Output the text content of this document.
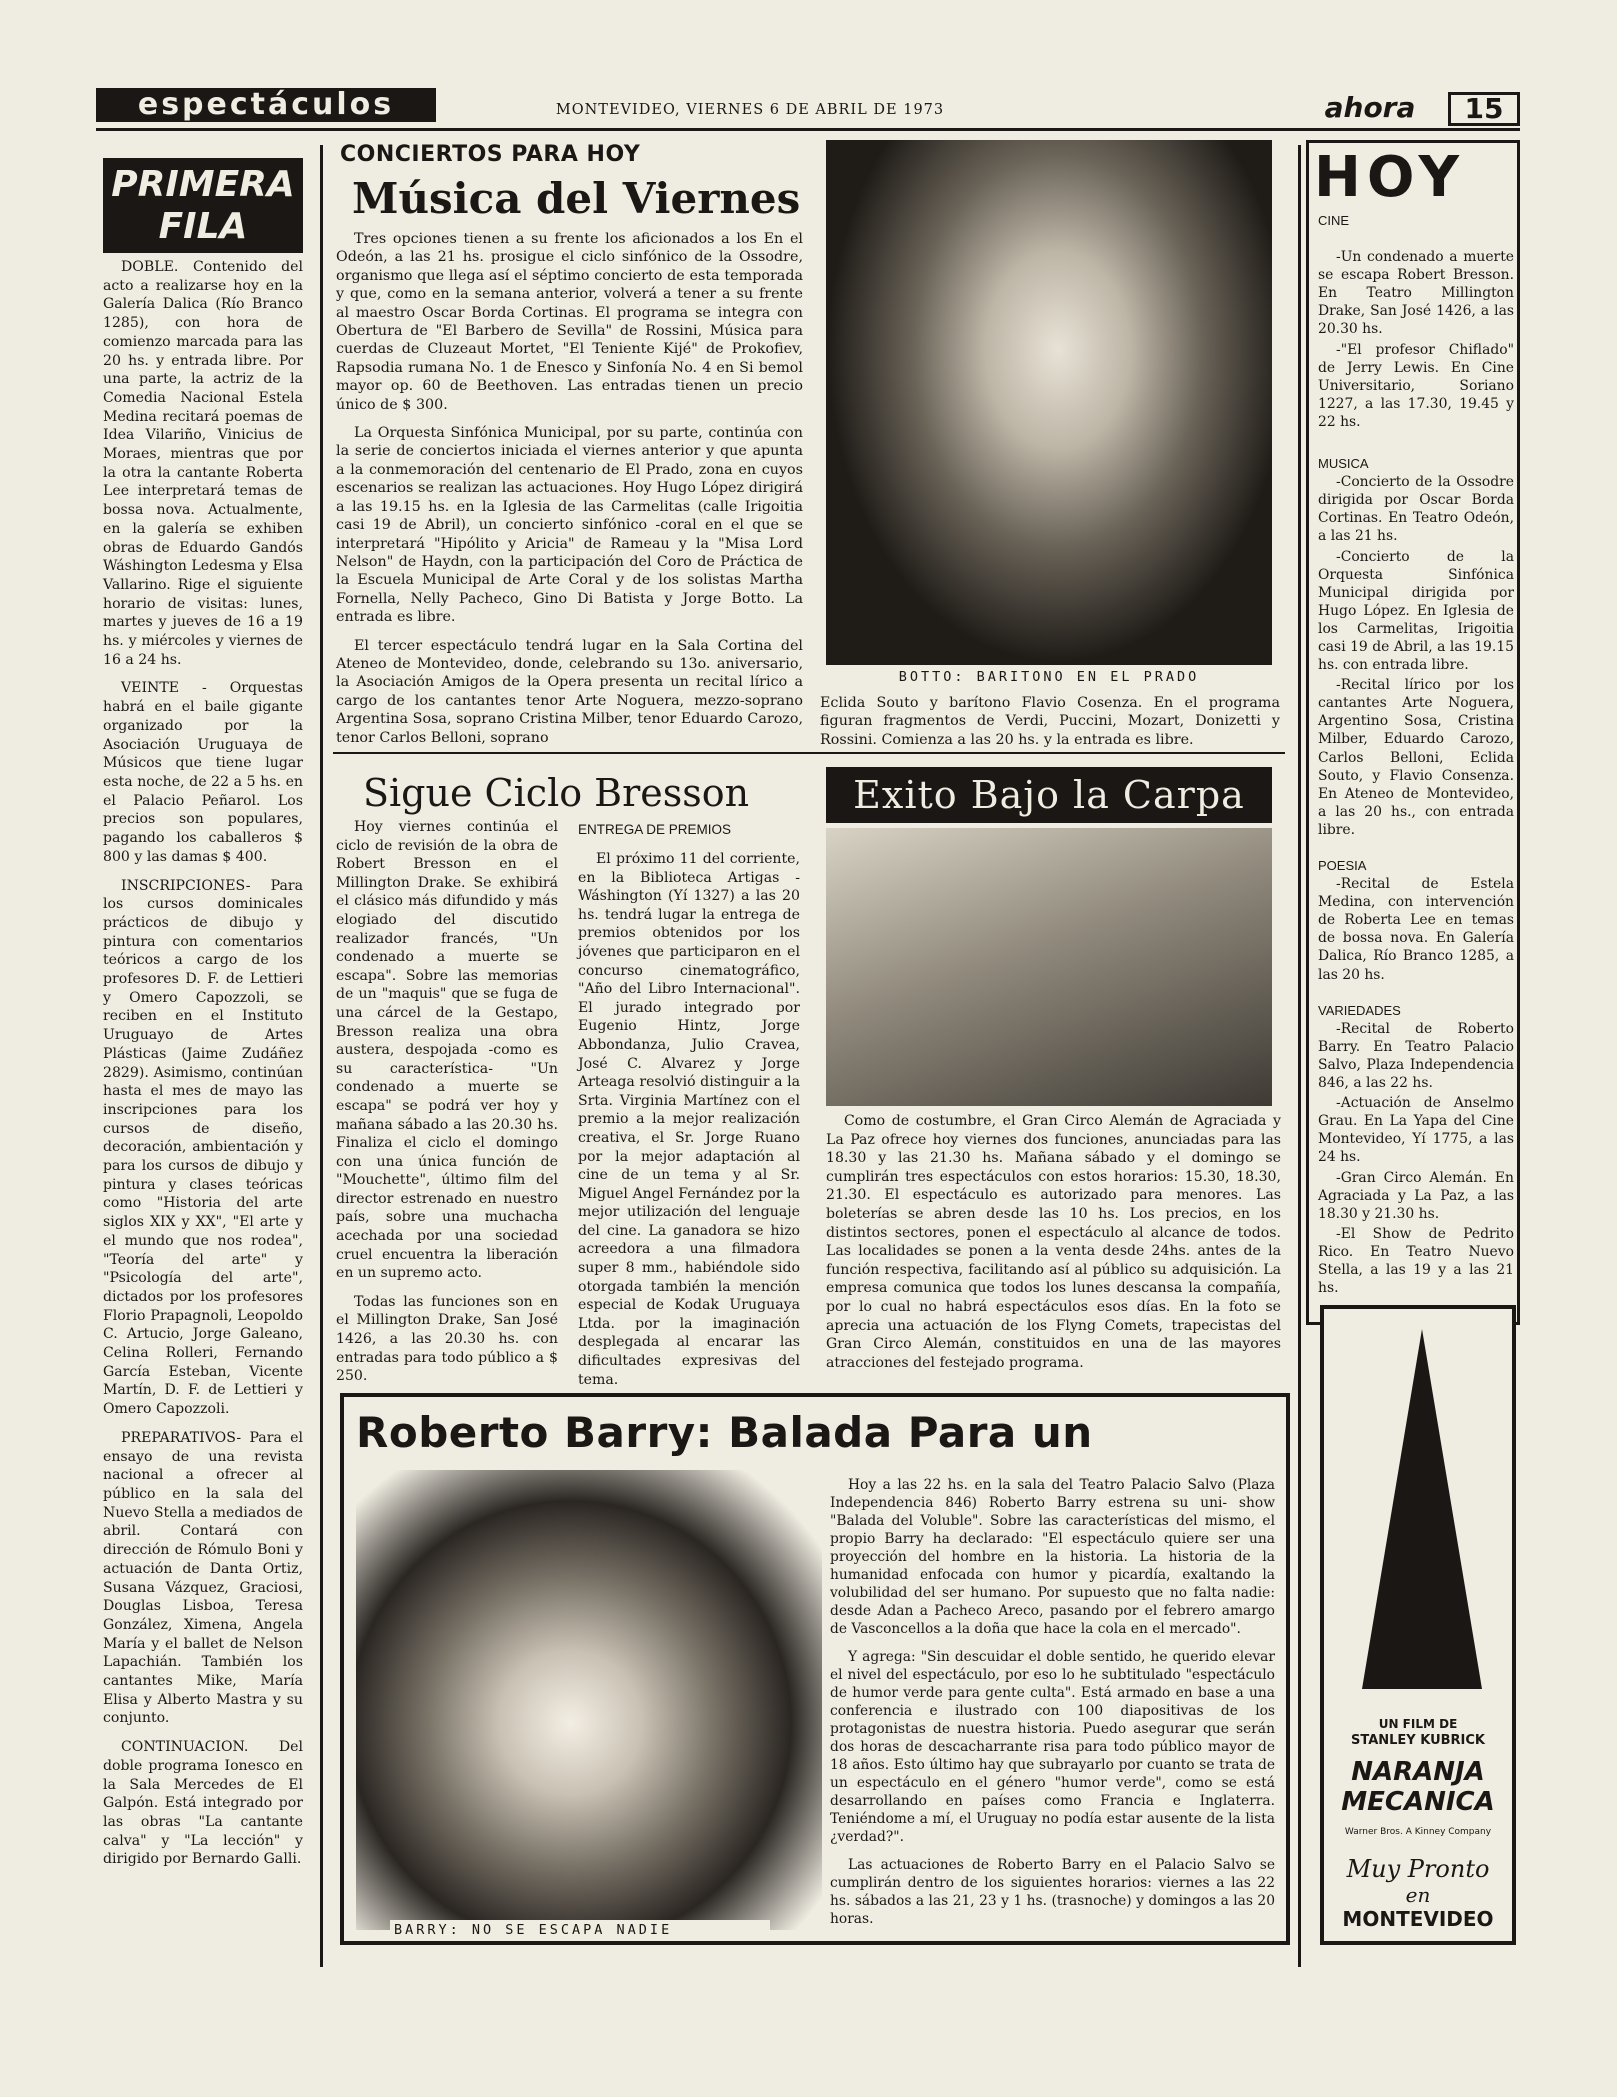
espectáculos	MONTEVIDEO, VIERNES 6 DE ABRIL DE 1973	ahora	15
PRIMERA
FILA

DOBLE. Contenido del acto a realizarse hoy en la Galería Dalica (Río Branco 1285), con hora de comienzo marcada para las 20 hs. y entrada libre. Por una parte, la actriz de la Comedia Nacional Estela Medina recitará poemas de Idea Vilariño, Vinicius de Moraes, mientras que por la otra la cantante Roberta Lee interpretará temas de bossa nova. Actualmente, en la galería se exhiben obras de Eduardo Gandós Wáshington Ledesma y Elsa Vallarino. Rige el siguiente horario de visitas: lunes, martes y jueves de 16 a 19 hs. y miércoles y viernes de 16 a 24 hs.

VEINTE - Orquestas habrá en el baile gigante organizado por la Asociación Uruguaya de Músicos que tiene lugar esta noche, de 22 a 5 hs. en el Palacio Peñarol. Los precios son populares, pagando los caballeros $ 800 y las damas $ 400.

INSCRIPCIONES- Para los cursos dominicales prácticos de dibujo y pintura con comentarios teóricos a cargo de los profesores D. F. de Lettieri y Omero Capozzoli, se reciben en el Instituto Uruguayo de Artes Plásticas (Jaime Zudáñez 2829). Asimismo, continúan hasta el mes de mayo las inscripciones para los cursos de diseño, decoración, ambientación y para los cursos de dibujo y pintura y clases teóricas como "Historia del arte siglos XIX y XX", "El arte y el mundo que nos rodea", "Teoría del arte" y "Psicología del arte", dictados por los profesores Florio Prapagnoli, Leopoldo C. Artucio, Jorge Galeano, Celina Rolleri, Fernando García Esteban, Vicente Martín, D. F. de Lettieri y Omero Capozzoli.

PREPARATIVOS- Para el ensayo de una revista nacional a ofrecer al público en la sala del Nuevo Stella a mediados de abril. Contará con dirección de Rómulo Boni y actuación de Danta Ortiz, Susana Vázquez, Graciosi, Douglas Lisboa, Teresa González, Ximena, Angela María y el ballet de Nelson Lapachián. También los cantantes Mike, María Elisa y Alberto Mastra y su conjunto.

CONTINUACION. Del doble programa Ionesco en la Sala Mercedes de El Galpón. Está integrado por las obras "La cantante calva" y "La lección" y dirigido por Bernardo Galli.

CONCIERTOS PARA HOY
Música del Viernes

Tres opciones tienen a su frente los aficionados a los En el Odeón, a las 21 hs. prosigue el ciclo sinfónico de la Ossodre, organismo que llega así el séptimo concierto de esta temporada y que, como en la semana anterior, volverá a tener a su frente al maestro Oscar Borda Cortinas. El programa se integra con Obertura de "El Barbero de Sevilla" de Rossini, Música para cuerdas de Cluzeaut Mortet, "El Teniente Kijé" de Prokofiev, Rapsodia rumana No. 1 de Enesco y Sinfonía No. 4 en Si bemol mayor op. 60 de Beethoven. Las entradas tienen un precio único de $ 300.

La Orquesta Sinfónica Municipal, por su parte, continúa con la serie de conciertos iniciada el viernes anterior y que apunta a la conmemoración del centenario de El Prado, zona en cuyos escenarios se realizan las actuaciones. Hoy Hugo López dirigirá a las 19.15 hs. en la Iglesia de las Carmelitas (calle Irigoitia casi 19 de Abril), un concierto sinfónico -coral en el que se interpretará "Hipólito y Aricia" de Rameau y la "Misa Lord Nelson" de Haydn, con la participación del Coro de Práctica de la Escuela Municipal de Arte Coral y de los solistas Martha Fornella, Nelly Pacheco, Gino Di Batista y Jorge Botto. La entrada es libre.

El tercer espectáculo tendrá lugar en la Sala Cortina del Ateneo de Montevideo, donde, celebrando su 13o. aniversario, la Asociación Amigos de la Opera presenta un recital lírico a cargo de los cantantes tenor Arte Noguera, mezzo-soprano Argentina Sosa, soprano Cristina Milber, tenor Eduardo Carozo, tenor Carlos Belloni, soprano

BOTTO: BARITONO EN EL PRADO

Eclida Souto y barítono Flavio Cosenza. En el programa figuran fragmentos de Verdi, Puccini, Mozart, Donizetti y Rossini. Comienza a las 20 hs. y la entrada es libre.

Sigue Ciclo Bresson

Hoy viernes continúa el ciclo de revisión de la obra de Robert Bresson en el Millington Drake. Se exhibirá el clásico más difundido y más elogiado del discutido realizador francés, "Un condenado a muerte se escapa". Sobre las memorias de un "maquis" que se fuga de una cárcel de la Gestapo, Bresson realiza una obra austera, despojada -como es su característica- "Un condenado a muerte se escapa" se podrá ver hoy y mañana sábado a las 20.30 hs. Finaliza el ciclo el domingo con una única función de "Mouchette", último film del director estrenado en nuestro país, sobre una muchacha acechada por una sociedad cruel encuentra la liberación en un supremo acto.

Todas las funciones son en el Millington Drake, San José 1426, a las 20.30 hs. con entradas para todo público a $ 250.

ENTREGA DE PREMIOS

El próximo 11 del corriente, en la Biblioteca Artigas - Wáshington (Yí 1327) a las 20 hs. tendrá lugar la entrega de premios obtenidos por los jóvenes que participaron en el concurso cinematográfico, "Año del Libro Internacional". El jurado integrado por Eugenio Hintz, Jorge Abbondanza, Julio Cravea, José C. Alvarez y Jorge Arteaga resolvió distinguir a la Srta. Virginia Martínez con el premio a la mejor realización creativa, el Sr. Jorge Ruano por la mejor adaptación al cine de un tema y al Sr. Miguel Angel Fernández por la mejor utilización del lenguaje del cine. La ganadora se hizo acreedora a una filmadora super 8 mm., habiéndole sido otorgada también la mención especial de Kodak Uruguaya Ltda. por la imaginación desplegada al encarar las dificultades expresivas del tema.

Exito Bajo la Carpa

Como de costumbre, el Gran Circo Alemán de Agraciada y La Paz ofrece hoy viernes dos funciones, anunciadas para las 18.30 y las 21.30 hs. Mañana sábado y el domingo se cumplirán tres espectáculos con estos horarios: 15.30, 18.30, 21.30. El espectáculo es autorizado para menores. Las boleterías se abren desde las 10 hs. Los precios, en los distintos sectores, ponen el espectáculo al alcance de todos. Las localidades se ponen a la venta desde 24hs. antes de la función respectiva, facilitando así al público su adquisición. La empresa comunica que todos los lunes descansa la compañía, por lo cual no habrá espectáculos esos días. En la foto se aprecia una actuación de los Flyng Comets, trapecistas del Gran Circo Alemán, constituidos en una de las mayores atracciones del festejado programa.

Roberto Barry: Balada Para un
BARRY: NO SE ESCAPA NADIE

Hoy a las 22 hs. en la sala del Teatro Palacio Salvo (Plaza Independencia 846) Roberto Barry estrena su uni- show "Balada del Voluble". Sobre las características del mismo, el propio Barry ha declarado: "El espectáculo quiere ser una proyección del hombre en la historia. La historia de la humanidad enfocada con humor y picardía, exaltando la volubilidad del ser humano. Por supuesto que no falta nadie: desde Adan a Pacheco Areco, pasando por el febrero amargo de Vasconcellos a la doña que hace la cola en el mercado".

Y agrega: "Sin descuidar el doble sentido, he querido elevar el nivel del espectáculo, por eso lo he subtitulado "espectáculo de humor verde para gente culta". Está armado en base a una conferencia e ilustrado con 100 diapositivas de los protagonistas de nuestra historia. Puedo asegurar que serán dos horas de descacharrante risa para todo público mayor de 18 años. Esto último hay que subrayarlo por cuanto se trata de un espectáculo en el género "humor verde", como se está desarrollando en países como Francia e Inglaterra. Teniéndome a mí, el Uruguay no podía estar ausente de la lista ¿verdad?".

Las actuaciones de Roberto Barry en el Palacio Salvo se cumplirán dentro de los siguientes horarios: viernes a las 22 hs. sábados a las 21, 23 y 1 hs. (trasnoche) y domingos a las 20 horas.

HOY
CINE

-Un condenado a muerte se escapa Robert Bresson. En Teatro Millington Drake, San José 1426, a las 20.30 hs.

-"El profesor Chiflado" de Jerry Lewis. En Cine Universitario, Soriano 1227, a las 17.30, 19.45 y 22 hs.

MUSICA

-Concierto de la Ossodre dirigida por Oscar Borda Cortinas. En Teatro Odeón, a las 21 hs.

-Concierto de la Orquesta Sinfónica Municipal dirigida por Hugo López. En Iglesia de los Carmelitas, Irigoitia casi 19 de Abril, a las 19.15 hs. con entrada libre.

-Recital lírico por los cantantes Arte Noguera, Argentino Sosa, Cristina Milber, Eduardo Carozo, Carlos Belloni, Eclida Souto, y Flavio Consenza. En Ateneo de Montevideo, a las 20 hs., con entrada libre.

POESIA

-Recital de Estela Medina, con intervención de Roberta Lee en temas de bossa nova. En Galería Dalica, Río Branco 1285, a las 20 hs.

VARIEDADES

-Recital de Roberto Barry. En Teatro Palacio Salvo, Plaza Independencia 846, a las 22 hs.

-Actuación de Anselmo Grau. En La Yapa del Cine Montevideo, Yí 1775, a las 24 hs.

-Gran Circo Alemán. En Agraciada y La Paz, a las 18.30 y 21.30 hs.

-El Show de Pedrito Rico. En Teatro Nuevo Stella, a las 19 y a las 21 hs.

UN FILM DE
STANLEY KUBRICK
NARANJA
MECANICA
Warner Bros. A Kinney Company
Muy Pronto
en
MONTEVIDEO
